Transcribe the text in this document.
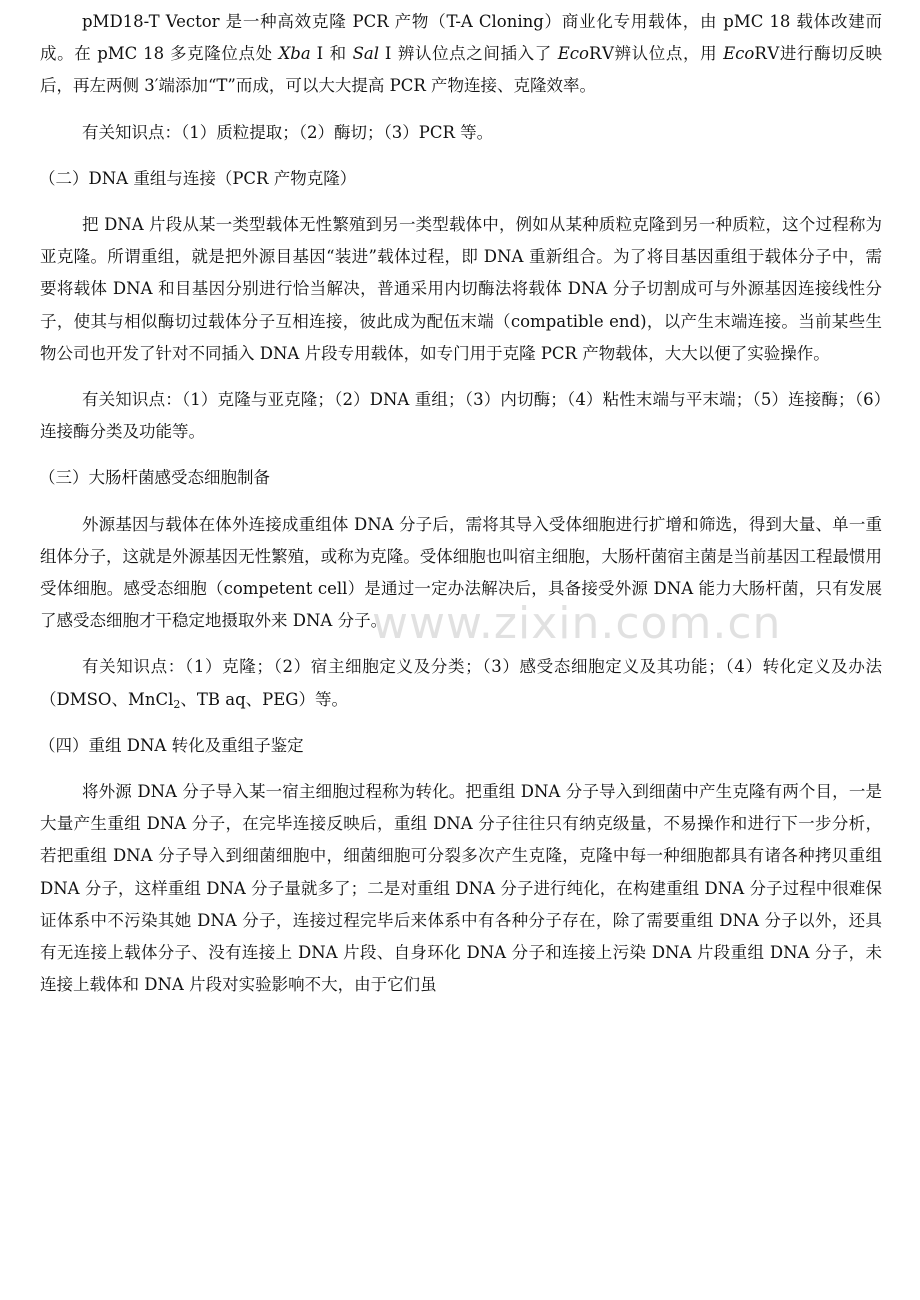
www.zixin.com.cn

pMD18-T Vector 是一种高效克隆 PCR 产物（T-A Cloning）商业化专用载体，由 pMC 18 载体改建而成。在 pMC 18 多克隆位点处 Xba Ⅰ 和 Sal Ⅰ 辨认位点之间插入了 EcoRⅤ辨认位点，用 EcoRⅤ进行酶切反映后，再左两侧 3′端添加“T”而成，可以大大提高 PCR 产物连接、克隆效率。

有关知识点：（1）质粒提取；（2）酶切；（3）PCR 等。

（二）DNA 重组与连接（PCR 产物克隆）

把 DNA 片段从某一类型载体无性繁殖到另一类型载体中，例如从某种质粒克隆到另一种质粒，这个过程称为亚克隆。所谓重组，就是把外源目基因“装进”载体过程，即 DNA 重新组合。为了将目基因重组于载体分子中，需要将载体 DNA 和目基因分别进行恰当解决，普通采用内切酶法将载体 DNA 分子切割成可与外源基因连接线性分子，使其与相似酶切过载体分子互相连接，彼此成为配伍末端（compatible end)，以产生末端连接。当前某些生物公司也开发了针对不同插入 DNA 片段专用载体，如专门用于克隆 PCR 产物载体，大大以便了实验操作。

有关知识点：（1）克隆与亚克隆；（2）DNA 重组；（3）内切酶；（4）粘性末端与平末端；（5）连接酶；（6）连接酶分类及功能等。

（三）大肠杆菌感受态细胞制备

外源基因与载体在体外连接成重组体 DNA 分子后，需将其导入受体细胞进行扩增和筛选，得到大量、单一重组体分子，这就是外源基因无性繁殖，或称为克隆。受体细胞也叫宿主细胞，大肠杆菌宿主菌是当前基因工程最惯用受体细胞。感受态细胞（competent cell）是通过一定办法解决后，具备接受外源 DNA 能力大肠杆菌，只有发展了感受态细胞才干稳定地摄取外来 DNA 分子。

有关知识点：（1）克隆；（2）宿主细胞定义及分类；（3）感受态细胞定义及其功能；（4）转化定义及办法（DMSO、MnCl$_2$、TB aq、PEG）等。

（四）重组 DNA 转化及重组子鉴定

将外源 DNA 分子导入某一宿主细胞过程称为转化。把重组 DNA 分子导入到细菌中产生克隆有两个目，一是大量产生重组 DNA 分子，在完毕连接反映后，重组 DNA 分子往往只有纳克级量，不易操作和进行下一步分析，若把重组 DNA 分子导入到细菌细胞中，细菌细胞可分裂多次产生克隆，克隆中每一种细胞都具有诸各种拷贝重组 DNA 分子，这样重组 DNA 分子量就多了；二是对重组 DNA 分子进行纯化，在构建重组 DNA 分子过程中很难保证体系中不污染其她 DNA 分子，连接过程完毕后来体系中有各种分子存在，除了需要重组 DNA 分子以外，还具有无连接上载体分子、没有连接上 DNA 片段、自身环化 DNA 分子和连接上污染 DNA 片段重组 DNA 分子，未连接上载体和 DNA 片段对实验影响不大，由于它们虽
